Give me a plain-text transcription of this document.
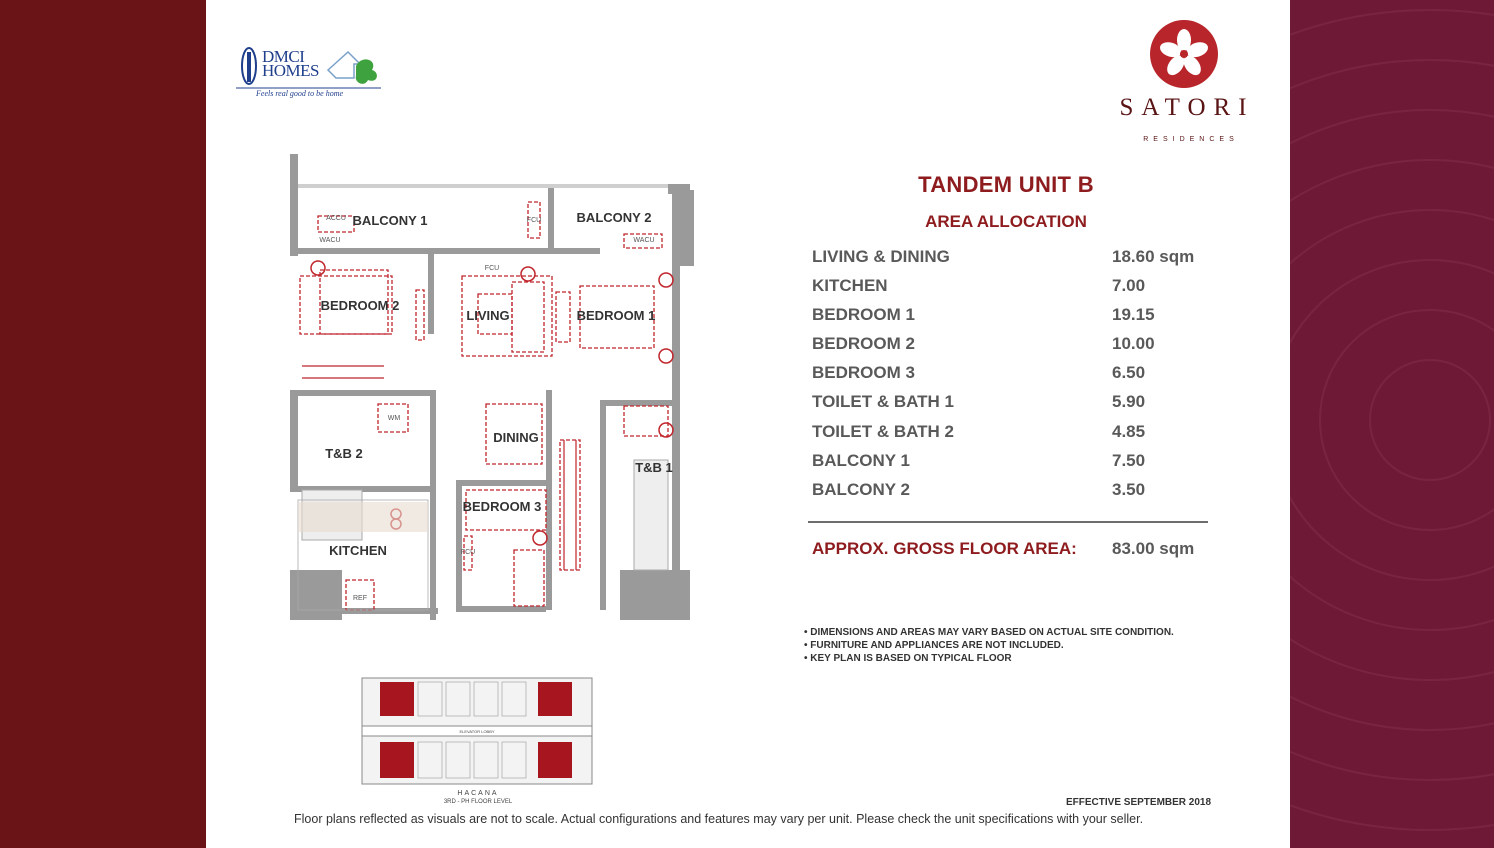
DMCI
HOMES
Feels real good to be home
SATORI
RESIDENCES
BALCONY 1	BALCONY 2
BEDROOM 2
LIVING	BEDROOM 1
DINING
T&B 2
T&B 1
BEDROOM 3
KITCHEN
ACCU
WACU	WACU
FCU
FCU
FCU
WM
REF
ELEVATOR LOBBY
HACANA
3RD - PH FLOOR LEVEL
TANDEM UNIT B
AREA ALLOCATION
LIVING & DINING	18.60 sqm
KITCHEN	7.00
BEDROOM 1	19.15
BEDROOM 2	10.00
BEDROOM 3	6.50
TOILET & BATH 1	5.90
TOILET & BATH 2	4.85
BALCONY 1	7.50
BALCONY 2	3.50
APPROX. GROSS FLOOR AREA: 83.00 sqm
• DIMENSIONS AND AREAS MAY VARY BASED ON ACTUAL SITE CONDITION.
• FURNITURE AND APPLIANCES ARE NOT INCLUDED.
• KEY PLAN IS BASED ON TYPICAL FLOOR
EFFECTIVE SEPTEMBER 2018
Floor plans reflected as visuals are not to scale. Actual configurations and features may vary per unit. Please check the unit specifications with your seller.
